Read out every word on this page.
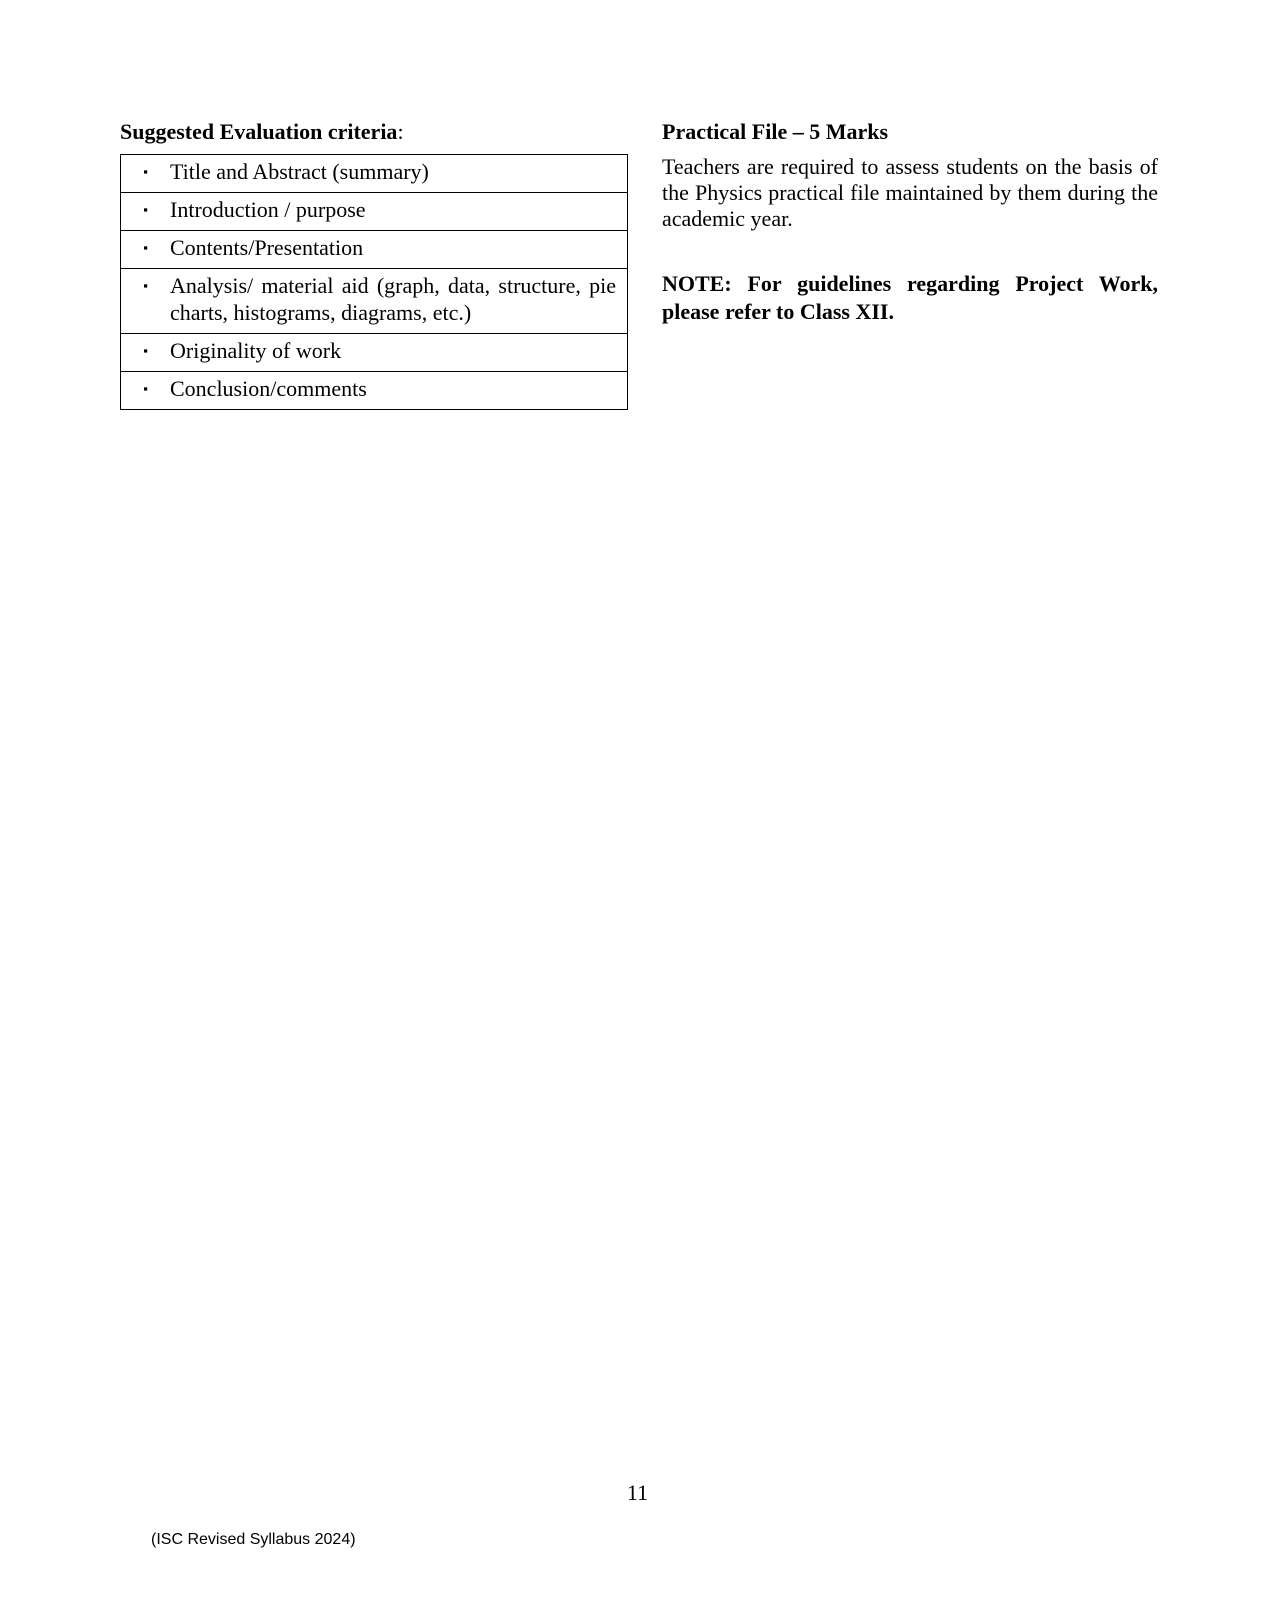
Suggested Evaluation criteria:

▪	Title and Abstract (summary)

▪	Introduction / purpose

▪	Contents/Presentation

▪	Analysis/ material aid (graph, data, structure, pie charts, histograms, diagrams, etc.)

▪	Originality of work

▪	Conclusion/comments

Practical File – 5 Marks

Teachers are required to assess students on the basis of the Physics practical file maintained by them during the academic year.

NOTE: For guidelines regarding Project Work, please refer to Class XII.

11
(ISC Revised Syllabus 2024)
